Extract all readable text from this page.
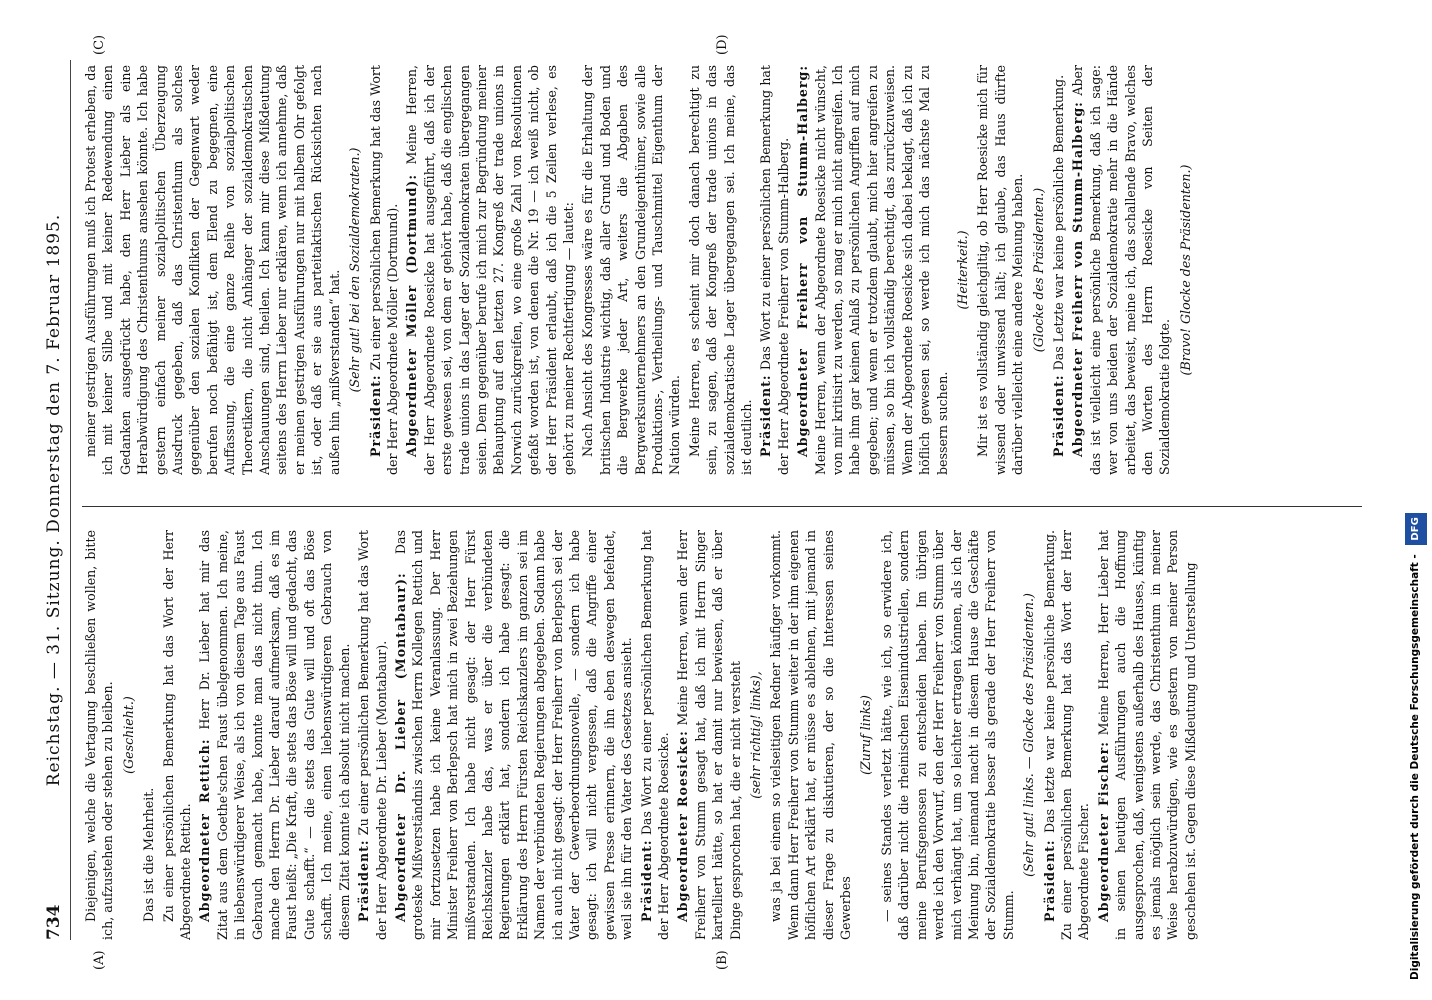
734
Reichstag. — 31. Sitzung. Donnerstag den 7. Februar 1895.
(A)	(B)
(C)	(D)
Diejenigen, welche die Vertagung beschließen wollen, bitte ich, aufzustehen oder stehen zu bleiben. (Geschieht.)
Das ist die Mehrheit. Zu einer persönlichen Bemerkung hat das Wort der Herr Abgeordnete Rettich. Abgeordneter Rettich: Herr Dr. Lieber hat mir das Zitat aus dem Goethe'schen Faust übelgenommen. Ich meine, in liebenswürdigerer Weise, als ich von diesem Tage aus Faust Gebrauch gemacht habe, konnte man das nicht thun. Ich mache den Herrn Dr. Lieber darauf aufmerksam, daß es im Faust heißt: „Die Kraft, die stets das Böse will und gedacht, das Gute schafft.“ — die stets das Gute will und oft das Böse schafft. Ich meine, einen liebenswürdigeren Gebrauch von diesem Zitat konnte ich absolut nicht machen. Präsident: Zu einer persönlichen Bemerkung hat das Wort der Herr Abgeordnete Dr. Lieber (Montabaur). Abgeordneter Dr. Lieber (Montabaur): Das groteske Mißverständnis zwischen Herrn Kollegen Rettich und mir fortzusetzen habe ich keine Veranlassung. Der Herr Minister Freiherr von Berlepsch hat mich in zwei Beziehungen mißverstanden. Ich habe nicht gesagt: der Herr Fürst Reichskanzler habe das, was er über die verbündeten Regierungen erklärt hat, sondern ich habe gesagt: die Erklärung des Herrn Fürsten Reichskanzlers im ganzen sei im Namen der verbündeten Regierungen abgegeben. Sodann habe ich auch nicht gesagt: der Herr Freiherr von Berlepsch sei der Vater der Gewerbeordnungsnovelle, — sondern ich habe gesagt: ich will nicht vergessen, daß die Angriffe einer gewissen Presse erinnern, die ihn eben deswegen befehdet, weil sie ihn für den Vater des Gesetzes ansieht. Präsident: Das Wort zu einer persönlichen Bemerkung hat der Herr Abgeordnete Roesicke. Abgeordneter Roesicke: Meine Herren, wenn der Herr Freiherr von Stumm gesagt hat, daß ich mit Herrn Singer kartelliert hätte, so hat er damit nur bewiesen, daß er über Dinge gesprochen hat, die er nicht versteht (sehr richtig! links), was ja bei einem so vielseitigen Redner häufiger vorkommt. Wenn dann Herr Freiherr von Stumm weiter in der ihm eigenen höflichen Art erklärt hat, er müsse es ablehnen, mit jemand in dieser Frage zu diskutieren, der so die Interessen seines Gewerbes
(Zuruf links) — seines Standes verletzt hätte, wie ich, so erwidere ich, daß darüber nicht die rheinischen Eisenindustriellen, sondern meine Berufsgenossen zu entscheiden haben. Im übrigen werde ich den Vorwurf, den der Herr Freiherr von Stumm über mich verhängt hat, um so leichter ertragen können, als ich der Meinung bin, niemand macht in diesem Hause die Geschäfte der Sozialdemokratie besser als gerade der Herr Freiherr von Stumm.
(Sehr gut! links. — Glocke des Präsidenten.)
Präsident: Das letzte war keine persönliche Bemerkung. Zu einer persönlichen Bemerkung hat das Wort der Herr Abgeordnete Fischer. Abgeordneter Fischer: Meine Herren, Herr Lieber hat in seinen heutigen Ausführungen auch die Hoffnung ausgesprochen, daß, wenigstens außerhalb des Hauses, künftig es jemals möglich sein werde, das Christenthum in meiner Weise herabzuwürdigen, wie es gestern von meiner Person geschehen ist. Gegen diese Mißdeutung und Unterstellung
meiner gestrigen Ausführungen muß ich Protest erheben, da ich mit keiner Silbe und mit keiner Redewendung einen Gedanken ausgedrückt habe, den Herr Lieber als eine Herabwürdigung des Christenthums ansehen könnte. Ich habe gestern einfach meiner sozialpolitischen Überzeugung Ausdruck gegeben, daß das Christenthum als solches gegenüber den sozialen Konflikten der Gegenwart weder berufen noch befähigt ist, dem Elend zu begegnen, eine Auffassung, die eine ganze Reihe von sozialpolitischen Theoretikern, die nicht Anhänger der sozialdemokratischen Anschauungen sind, theilen. Ich kann mir diese Mißdeutung seitens des Herrn Lieber nur erklären, wenn ich annehme, daß er meinen gestrigen Ausführungen nur mit halbem Ohr gefolgt ist, oder daß er sie aus parteitaktischen Rücksichten nach außen hin „mißverstanden“ hat. (Sehr gut! bei den Sozialdemokraten.)
Präsident: Zu einer persönlichen Bemerkung hat das Wort der Herr Abgeordnete Möller (Dortmund). Abgeordneter Möller (Dortmund): Meine Herren, der Herr Abgeordnete Roesicke hat ausgeführt, daß ich der erste gewesen sei, von dem er gehört habe, daß die englischen trade unions in das Lager der Sozialdemokraten übergegangen seien. Dem gegenüber berufe ich mich zur Begründung meiner Behauptung auf den letzten 27. Kongreß der trade unions in Norwich zurückgreifen, wo eine große Zahl von Resolutionen gefaßt worden ist, von denen die Nr. 19 — ich weiß nicht, ob der Herr Präsident erlaubt, daß ich die 5 Zeilen verlese, es gehört zu meiner Rechtfertigung — lautet: Nach Ansicht des Kongresses wäre es für die Erhaltung der britischen Industrie wichtig, daß aller Grund und Boden und die Bergwerke jeder Art, weiters die Abgaben des Bergwerksunternehmers an den Grundeigenthümer, sowie alle Produktions-, Vertheilungs- und Tauschmittel Eigenthum der Nation würden. Meine Herren, es scheint mir doch danach berechtigt zu sein, zu sagen, daß der Kongreß der trade unions in das sozialdemokratische Lager übergegangen sei. Ich meine, das ist deutlich. Präsident: Das Wort zu einer persönlichen Bemerkung hat der Herr Abgeordnete Freiherr von Stumm-Halberg. Abgeordneter Freiherr von Stumm-Halberg: Meine Herren, wenn der Abgeordnete Roesicke nicht wünscht, von mir kritisirt zu werden, so mag er mich nicht angreifen. Ich habe ihm gar keinen Anlaß zu persönlichen Angriffen auf mich gegeben; und wenn er trotzdem glaubt, mich hier angreifen zu müssen, so bin ich vollständig berechtigt, das zurückzuweisen. Wenn der Abgeordnete Roesicke sich dabei beklagt, daß ich zu höflich gewesen sei, so werde ich mich das nächste Mal zu bessern suchen.
(Heiterkeit.) Mir ist es vollständig gleichgiltig, ob Herr Roesicke mich für wissend oder unwissend hält; ich glaube, das Haus dürfte darüber vielleicht eine andere Meinung haben. (Glocke des Präsidenten.)
Präsident: Das Letzte war keine persönliche Bemerkung. Abgeordneter Freiherr von Stumm-Halberg: Aber das ist vielleicht eine persönliche Bemerkung, daß ich sage: wer von uns beiden der Sozialdemokratie mehr in die Hände arbeitet, das beweist, meine ich, das schallende Bravo, welches den Worten des Herrn Roesicke von Seiten der Sozialdemokratie folgte.
(Bravo! Glocke des Präsidenten.)
Digitalisierung gefördert durch die Deutsche Forschungsgemeinschaft - DFG
